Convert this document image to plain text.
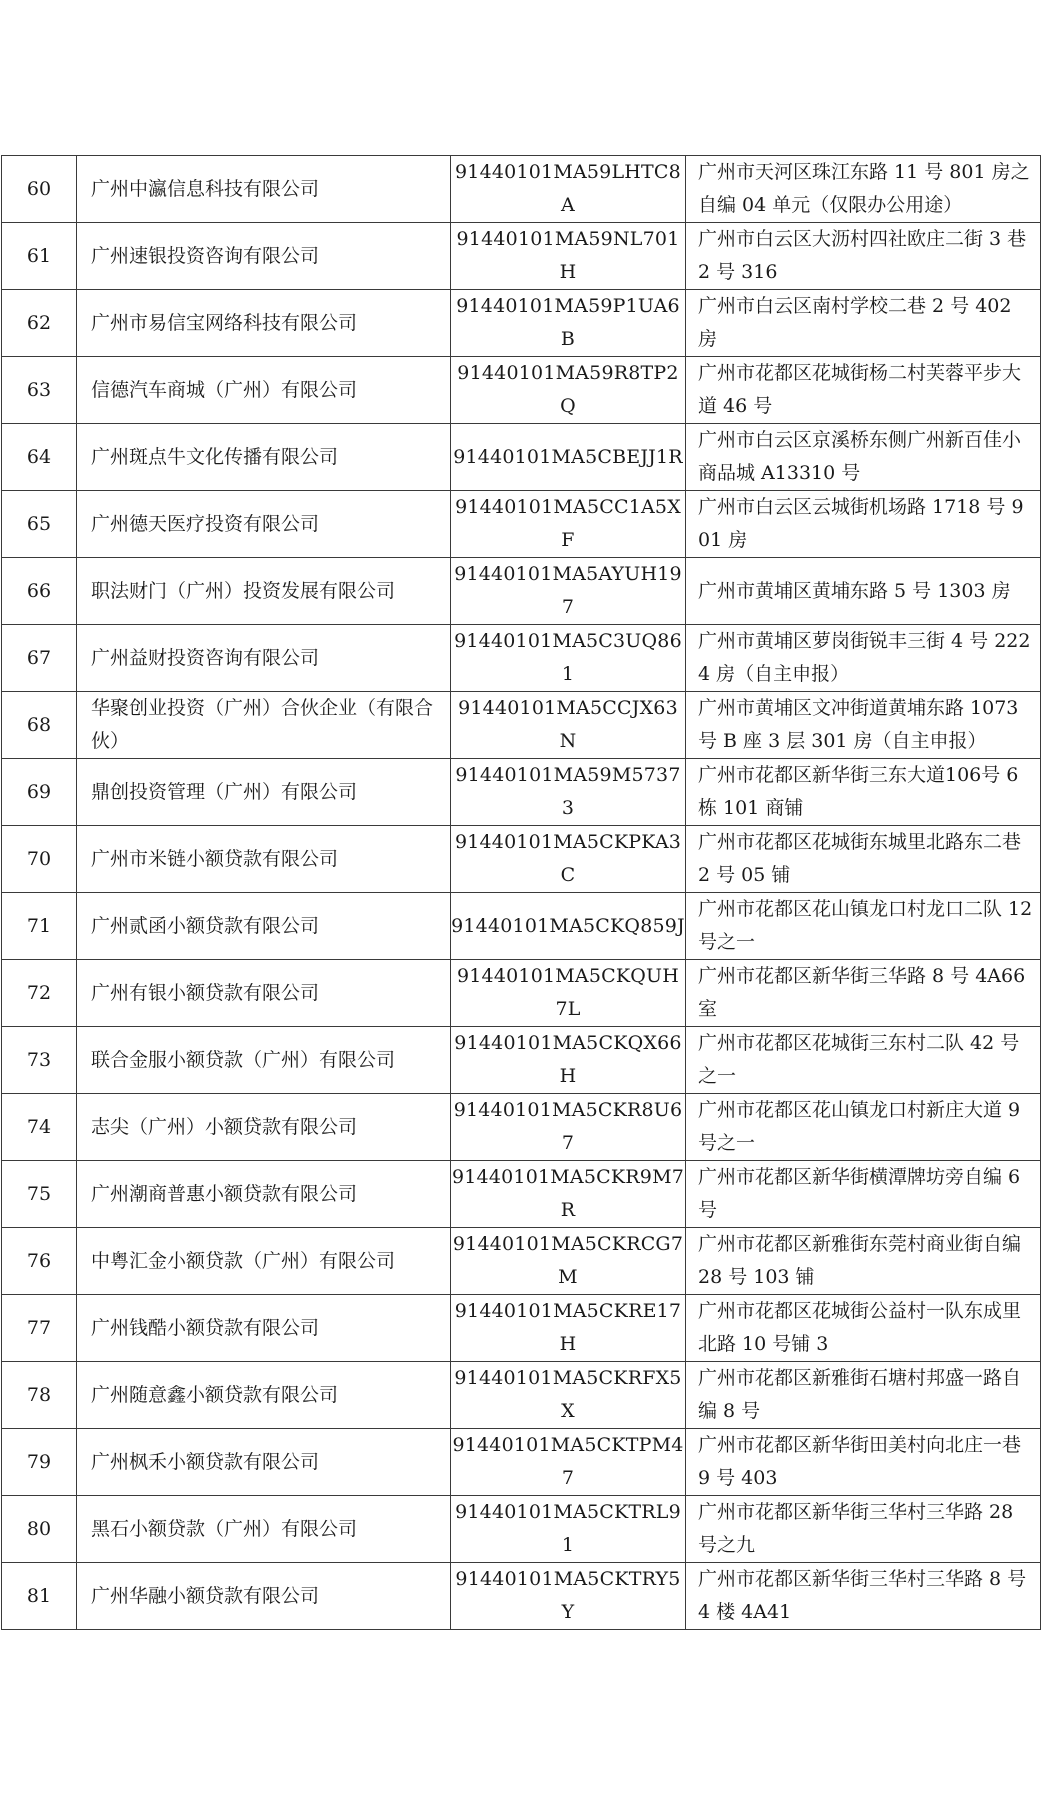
60	广州中瀛信息科技有限公司	91440101MA59LHTC8A	广州市天河区珠江东路 11 号 801 房之自编 04 单元（仅限办公用途）

61	广州速银投资咨询有限公司	91440101MA59NL701H	广州市白云区大沥村四社欧庄二街 3 巷 2 号 316

62	广州市易信宝网络科技有限公司	91440101MA59P1UA6B	广州市白云区南村学校二巷 2 号 402 房

63	信德汽车商城（广州）有限公司	91440101MA59R8TP2Q	广州市花都区花城街杨二村芙蓉平步大道 46 号

64	广州斑点牛文化传播有限公司	91440101MA5CBEJJ1R	广州市白云区京溪桥东侧广州新百佳小商品城 A13310 号

65	广州德天医疗投资有限公司	91440101MA5CC1A5XF	广州市白云区云城街机场路 1718 号 901 房

66	职法财门（广州）投资发展有限公司	91440101MA5AYUH197	广州市黄埔区黄埔东路 5 号 1303 房

67	广州益财投资咨询有限公司	91440101MA5C3UQ861	广州市黄埔区萝岗街锐丰三街 4 号 2224 房（自主申报）

68	华聚创业投资（广州）合伙企业（有限合伙）	91440101MA5CCJX63N	广州市黄埔区文冲街道黄埔东路 1073 号 B 座 3 层 301 房（自主申报）

69	鼎创投资管理（广州）有限公司	91440101MA59M57373	广州市花都区新华街三东大道106号 6 栋 101 商铺

70	广州市米链小额贷款有限公司	91440101MA5CKPKA3C	广州市花都区花城街东城里北路东二巷 2 号 05 铺

71	广州贰函小额贷款有限公司	91440101MA5CKQ859J	广州市花都区花山镇龙口村龙口二队 12 号之一

72	广州有银小额贷款有限公司	91440101MA5CKQUH7L	广州市花都区新华街三华路 8 号 4A66 室

73	联合金服小额贷款（广州）有限公司	91440101MA5CKQX66H	广州市花都区花城街三东村二队 42 号之一

74	志尖（广州）小额贷款有限公司	91440101MA5CKR8U67	广州市花都区花山镇龙口村新庄大道 9 号之一

75	广州潮商普惠小额贷款有限公司	91440101MA5CKR9M7R	广州市花都区新华街横潭牌坊旁自编 6 号

76	中粤汇金小额贷款（广州）有限公司	91440101MA5CKRCG7M	广州市花都区新雅街东莞村商业街自编 28 号 103 铺

77	广州钱酷小额贷款有限公司	91440101MA5CKRE17H	广州市花都区花城街公益村一队东成里北路 10 号铺 3

78	广州随意鑫小额贷款有限公司	91440101MA5CKRFX5X	广州市花都区新雅街石塘村邦盛一路自编 8 号

79	广州枫禾小额贷款有限公司	91440101MA5CKTPM47	广州市花都区新华街田美村向北庄一巷 9 号 403

80	黑石小额贷款（广州）有限公司	91440101MA5CKTRL91	广州市花都区新华街三华村三华路 28 号之九

81	广州华融小额贷款有限公司	91440101MA5CKTRY5Y	广州市花都区新华街三华村三华路 8 号 4 楼 4A41
